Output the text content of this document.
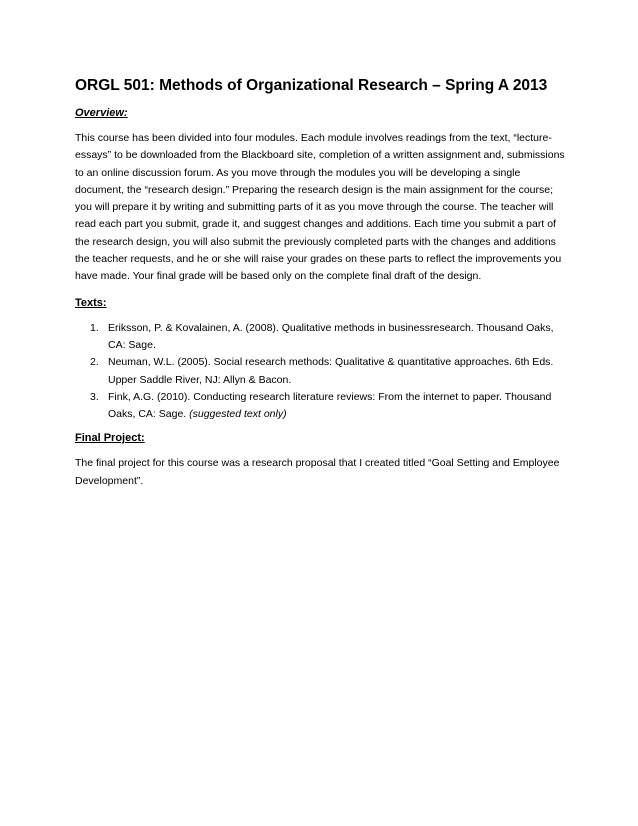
ORGL 501: Methods of Organizational Research – Spring A 2013
Overview:

This course has been divided into four modules. Each module involves readings from the text, “lecture-essays” to be downloaded from the Blackboard site, completion of a written assignment and, submissions to an online discussion forum. As you move through the modules you will be developing a single document, the “research design.” Preparing the research design is the main assignment for the course; you will prepare it by writing and submitting parts of it as you move through the course. The teacher will read each part you submit, grade it, and suggest changes and additions. Each time you submit a part of the research design, you will also submit the previously completed parts with the changes and additions the teacher requests, and he or she will raise your grades on these parts to reflect the improvements you have made. Your final grade will be based only on the complete final draft of the design.

Texts:
1. Eriksson, P. & Kovalainen, A. (2008). Qualitative methods in businessresearch. Thousand Oaks, CA: Sage.
2. Neuman, W.L. (2005). Social research methods: Qualitative & quantitative approaches. 6th Eds. Upper Saddle River, NJ: Allyn & Bacon.
3. Fink, A.G. (2010). Conducting research literature reviews: From the internet to paper. Thousand Oaks, CA: Sage. (suggested text only)
Final Project:

The final project for this course was a research proposal that I created titled “Goal Setting and Employee Development”.
